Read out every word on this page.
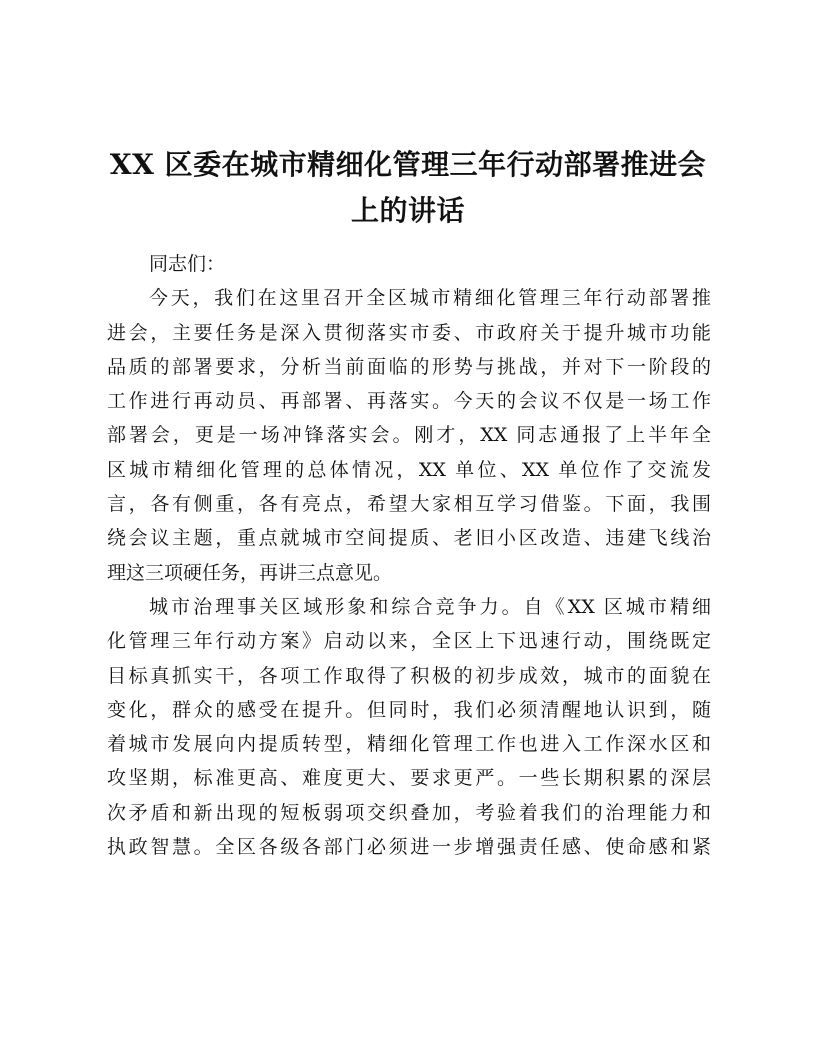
XX 区委在城市精细化管理三年行动部署推进会
上的讲话
同志们：
今天，我们在这里召开全区城市精细化管理三年行动部署推
进会，主要任务是深入贯彻落实市委、市政府关于提升城市功能
品质的部署要求，分析当前面临的形势与挑战，并对下一阶段的
工作进行再动员、再部署、再落实。今天的会议不仅是一场工作
部署会，更是一场冲锋落实会。刚才，XX 同志通报了上半年全
区城市精细化管理的总体情况，XX 单位、XX 单位作了交流发
言，各有侧重，各有亮点，希望大家相互学习借鉴。下面，我围
绕会议主题，重点就城市空间提质、老旧小区改造、违建飞线治
理这三项硬任务，再讲三点意见。
城市治理事关区域形象和综合竞争力。自《XX 区城市精细
化管理三年行动方案》启动以来，全区上下迅速行动，围绕既定
目标真抓实干，各项工作取得了积极的初步成效，城市的面貌在
变化，群众的感受在提升。但同时，我们必须清醒地认识到，随
着城市发展向内提质转型，精细化管理工作也进入工作深水区和
攻坚期，标准更高、难度更大、要求更严。一些长期积累的深层
次矛盾和新出现的短板弱项交织叠加，考验着我们的治理能力和
执政智慧。全区各级各部门必须进一步增强责任感、使命感和紧
